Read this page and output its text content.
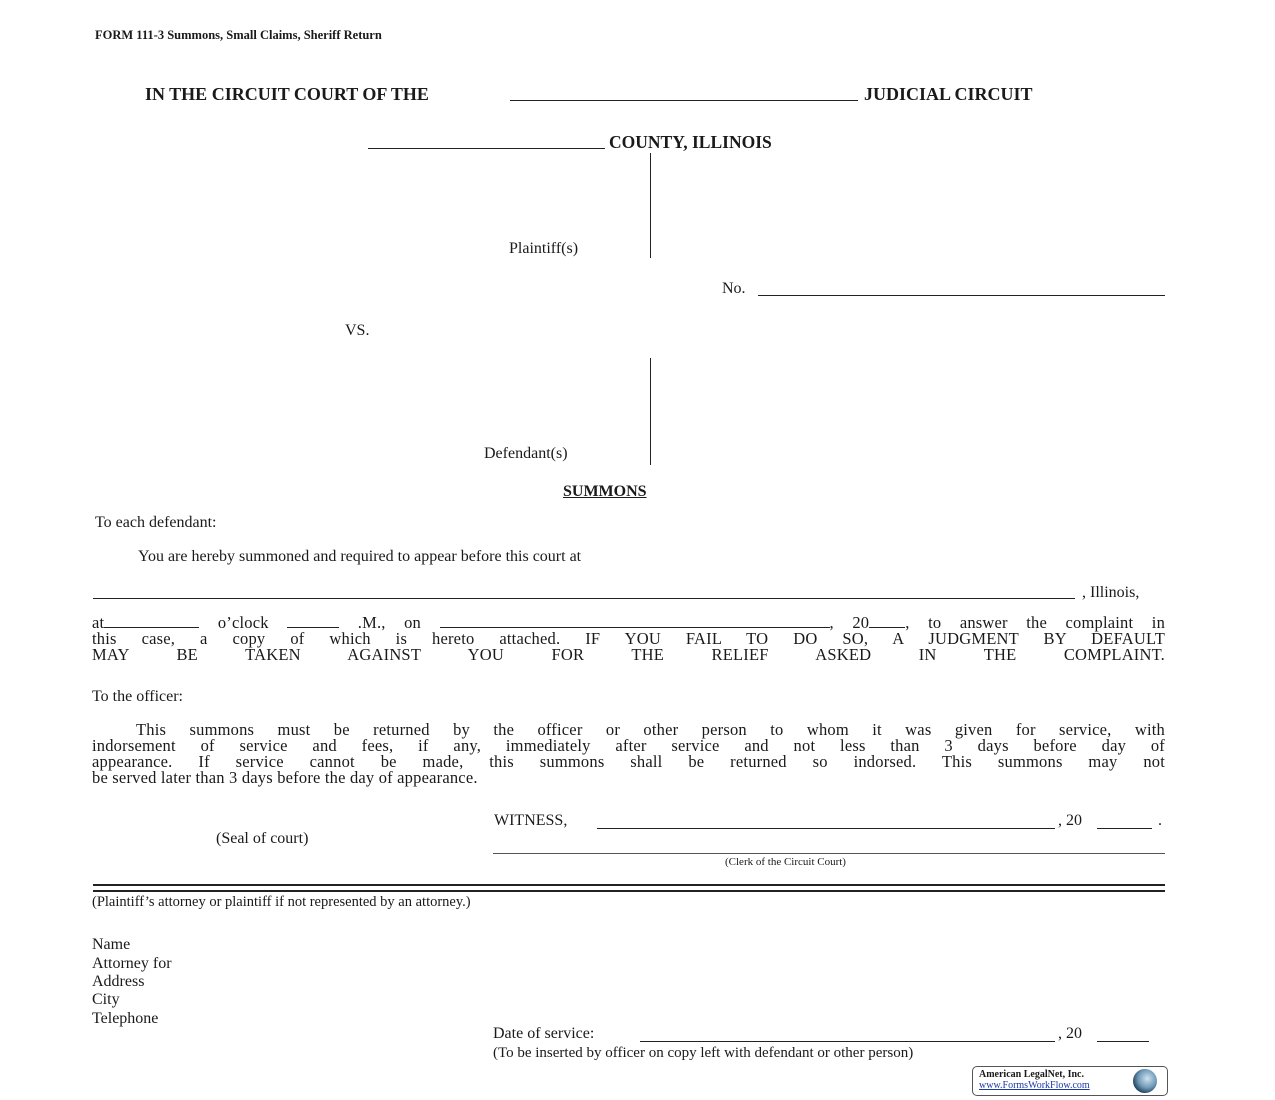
FORM 111-3 Summons, Small Claims, Sheriff Return
IN THE CIRCUIT COURT OF THE	JUDICIAL CIRCUIT
COUNTY, ILLINOIS
Plaintiff(s)
No.
VS.
Defendant(s)
SUMMONS
To each defendant:
You are hereby summoned and required to appear before this court at
, Illinois,
at	o’clock	.M., on	, 20 , to answer the complaint in
this case, a copy of which is hereto attached. IF YOU FAIL TO DO SO, A JUDGMENT BY DEFAULT
MAY BE TAKEN AGAINST YOU FOR THE RELIEF ASKED IN THE COMPLAINT.
To the officer:
This summons must be returned by the officer or other person to whom it was given for service, with
indorsement of service and fees, if any, immediately after service and not less than 3 days before day of
appearance. If service cannot be made, this summons shall be returned so indorsed. This summons may not
be served later than 3 days before the day of appearance.
WITNESS,	, 20	.
(Seal of court)
(Clerk of the Circuit Court)
(Plaintiff’s attorney or plaintiff if not represented by an attorney.)
Name
Attorney for
Address
City
Telephone
Date of service:	, 20
(To be inserted by officer on copy left with defendant or other person)
American LegalNet, Inc.
www.FormsWorkFlow.com
